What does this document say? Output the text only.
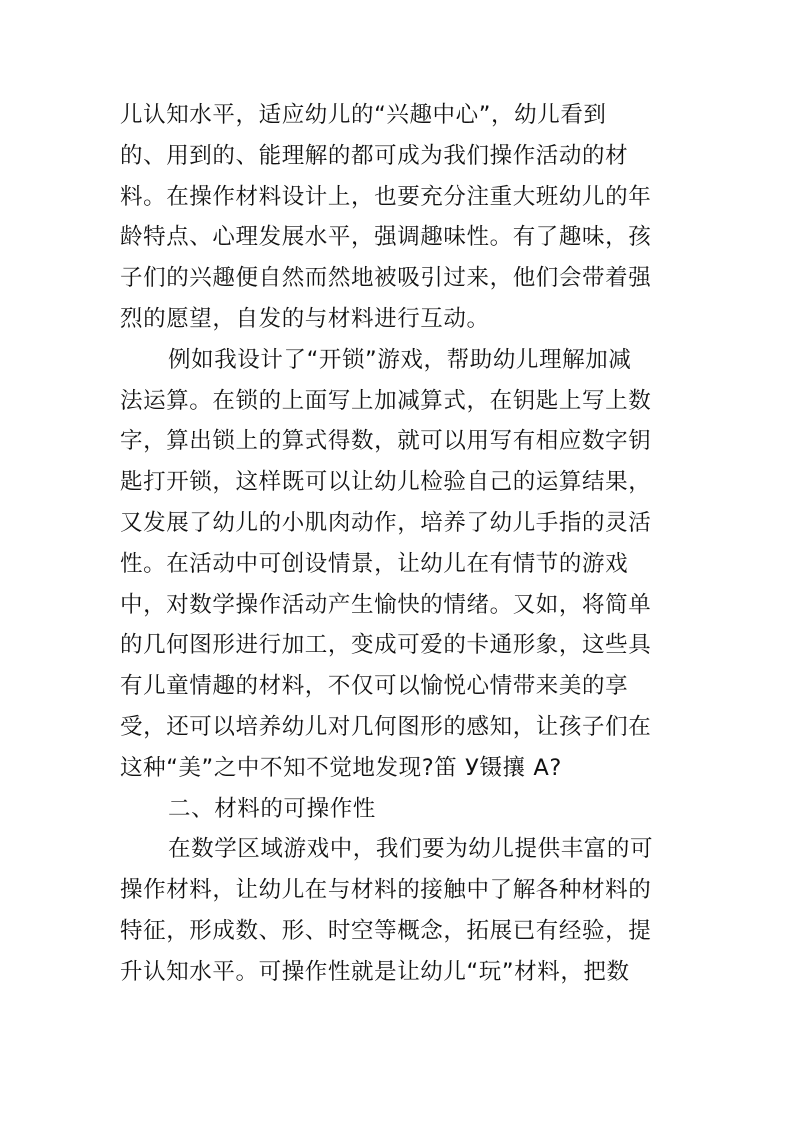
儿认知水平，适应幼儿的“兴趣中心”，幼儿看到
的、用到的、能理解的都可成为我们操作活动的材
料。在操作材料设计上，也要充分注重大班幼儿的年
龄特点、心理发展水平，强调趣味性。有了趣味，孩
子们的兴趣便自然而然地被吸引过来，他们会带着强
烈的愿望，自发的与材料进行互动。
例如我设计了“开锁”游戏，帮助幼儿理解加减
法运算。在锁的上面写上加减算式，在钥匙上写上数
字，算出锁上的算式得数，就可以用写有相应数字钥
匙打开锁，这样既可以让幼儿检验自己的运算结果，
又发展了幼儿的小肌肉动作，培养了幼儿手指的灵活
性。在活动中可创设情景，让幼儿在有情节的游戏
中，对数学操作活动产生愉快的情绪。又如，将简单
的几何图形进行加工，变成可爱的卡通形象，这些具
有儿童情趣的材料，不仅可以愉悦心情带来美的享
受，还可以培养幼儿对几何图形的感知，让孩子们在
这种“美”之中不知不觉地发现?笛 У镊攘 А?
二、材料的可操作性
在数学区域游戏中，我们要为幼儿提供丰富的可
操作材料，让幼儿在与材料的接触中了解各种材料的
特征，形成数、形、时空等概念，拓展已有经验，提
升认知水平。可操作性就是让幼儿“玩”材料，把数
